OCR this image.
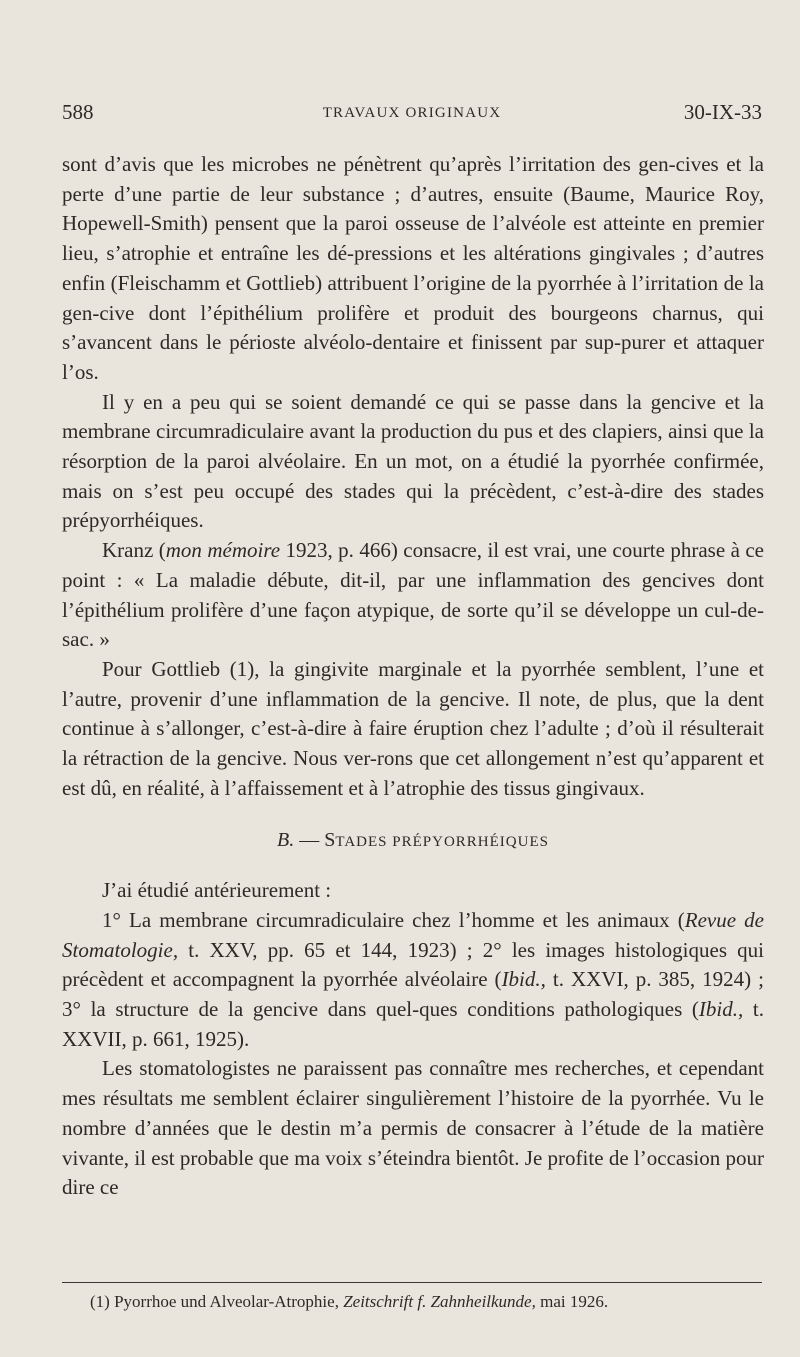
588	TRAVAUX ORIGINAUX	30-IX-33

sont d’avis que les microbes ne pénètrent qu’après l’irritation des gen-cives et la perte d’une partie de leur substance ; d’autres, ensuite (Baume, Maurice Roy, Hopewell-Smith) pensent que la paroi osseuse de l’alvéole est atteinte en premier lieu, s’atrophie et entraîne les dé-pressions et les altérations gingivales ; d’autres enfin (Fleischamm et Gottlieb) attribuent l’origine de la pyorrhée à l’irritation de la gen-cive dont l’épithélium prolifère et produit des bourgeons charnus, qui s’avancent dans le périoste alvéolo-dentaire et finissent par sup-purer et attaquer l’os.

Il y en a peu qui se soient demandé ce qui se passe dans la gencive et la membrane circumradiculaire avant la production du pus et des clapiers, ainsi que la résorption de la paroi alvéolaire. En un mot, on a étudié la pyorrhée confirmée, mais on s’est peu occupé des stades qui la précèdent, c’est-à-dire des stades prépyorrhéiques.

Kranz (mon mémoire 1923, p. 466) consacre, il est vrai, une courte phrase à ce point : « La maladie débute, dit-il, par une inflammation des gencives dont l’épithélium prolifère d’une façon atypique, de sorte qu’il se développe un cul-de-sac. »

Pour Gottlieb (1), la gingivite marginale et la pyorrhée semblent, l’une et l’autre, provenir d’une inflammation de la gencive. Il note, de plus, que la dent continue à s’allonger, c’est-à-dire à faire éruption chez l’adulte ; d’où il résulterait la rétraction de la gencive. Nous ver-rons que cet allongement n’est qu’apparent et est dû, en réalité, à l’affaissement et à l’atrophie des tissus gingivaux.

B. — STADES PRÉPYORRHÉIQUES

J’ai étudié antérieurement :

1° La membrane circumradiculaire chez l’homme et les animaux (Revue de Stomatologie, t. XXV, pp. 65 et 144, 1923) ; 2° les images histologiques qui précèdent et accompagnent la pyorrhée alvéolaire (Ibid., t. XXVI, p. 385, 1924) ; 3° la structure de la gencive dans quel-ques conditions pathologiques (Ibid., t. XXVII, p. 661, 1925).

Les stomatologistes ne paraissent pas connaître mes recherches, et cependant mes résultats me semblent éclairer singulièrement l’histoire de la pyorrhée. Vu le nombre d’années que le destin m’a permis de consacrer à l’étude de la matière vivante, il est probable que ma voix s’éteindra bientôt. Je profite de l’occasion pour dire ce

(1) Pyorrhoe und Alveolar-Atrophie, Zeitschrift f. Zahnheilkunde, mai 1926.
